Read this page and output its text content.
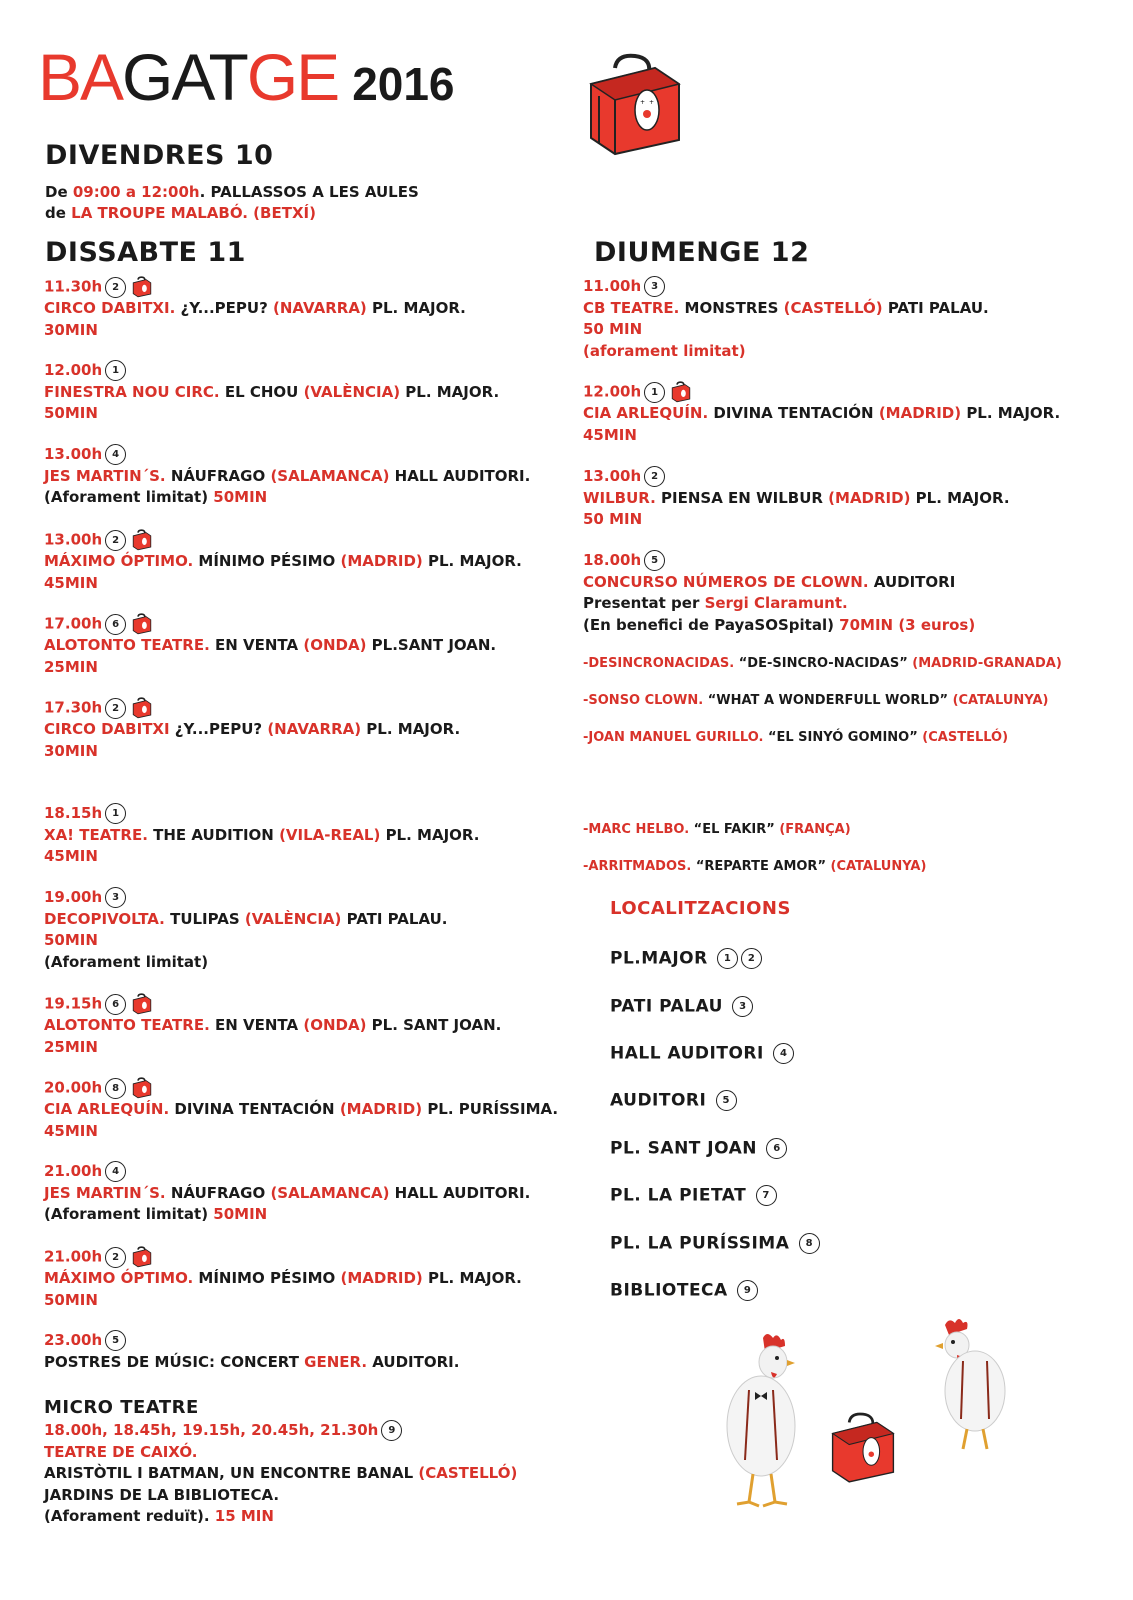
BAGATGE 2016	+ +
DIVENDRES 10
De 09:00 a 12:00h. PALLASSOS A LES AULES
de LA TROUPE MALABÓ. (BETXÍ)
DISSABTE 11
11.30h 2
CIRCO DABITXI. ¿Y...PEPU? (NAVARRA) PL. MAJOR.
30MIN
12.00h 1
FINESTRA NOU CIRC. EL CHOU (VALÈNCIA) PL. MAJOR.
50MIN
13.00h 4
JES MARTIN´S. NÁUFRAGO (SALAMANCA) HALL AUDITORI.
(Aforament limitat) 50MIN
13.00h 2
MÁXIMO ÓPTIMO. MÍNIMO PÉSIMO (MADRID) PL. MAJOR.
45MIN
17.00h 6
ALOTONTO TEATRE. EN VENTA (ONDA) PL.SANT JOAN.
25MIN
17.30h 2
CIRCO DABITXI ¿Y...PEPU? (NAVARRA) PL. MAJOR.
30MIN
18.15h 1
XA! TEATRE. THE AUDITION (VILA-REAL) PL. MAJOR.
45MIN
19.00h 3
DECOPIVOLTA. TULIPAS (VALÈNCIA) PATI PALAU.
50MIN
(Aforament limitat)
19.15h 6
ALOTONTO TEATRE. EN VENTA (ONDA) PL. SANT JOAN.
25MIN
20.00h 8
CIA ARLEQUÍN. DIVINA TENTACIÓN (MADRID) PL. PURÍSSIMA.
45MIN
21.00h 4
JES MARTIN´S. NÁUFRAGO (SALAMANCA) HALL AUDITORI.
(Aforament limitat) 50MIN
21.00h 2
MÁXIMO ÓPTIMO. MÍNIMO PÉSIMO (MADRID) PL. MAJOR.
50MIN
23.00h 5
POSTRES DE MÚSIC: CONCERT GENER. AUDITORI.
MICRO TEATRE
18.00h, 18.45h, 19.15h, 20.45h, 21.30h 9
TEATRE DE CAIXÓ.
ARISTÒTIL I BATMAN, UN ENCONTRE BANAL (CASTELLÓ)
JARDINS DE LA BIBLIOTECA.
(Aforament reduït). 15 MIN
DIUMENGE 12
11.00h 3
CB TEATRE. MONSTRES (CASTELLÓ) PATI PALAU.
50 MIN
(aforament limitat)
12.00h 1
CIA ARLEQUÍN. DIVINA TENTACIÓN (MADRID) PL. MAJOR.
45MIN
13.00h 2
WILBUR. PIENSA EN WILBUR (MADRID) PL. MAJOR.
50 MIN
18.00h 5
CONCURSO NÚMEROS DE CLOWN. AUDITORI
Presentat per Sergi Claramunt.
(En benefici de PayaSOSpital) 70MIN (3 euros)
-DESINCRONACIDAS. “DE-SINCRO-NACIDAS” (MADRID-GRANADA)
-SONSO CLOWN. “WHAT A WONDERFULL WORLD” (CATALUNYA)
-JOAN MANUEL GURILLO. “EL SINYÓ GOMINO” (CASTELLÓ)
-MARC HELBO. “EL FAKIR” (FRANÇA)
-ARRITMADOS. “REPARTE AMOR” (CATALUNYA)
LOCALITZACIONS
PL.MAJOR 1 2
PATI PALAU 3
HALL AUDITORI 4
AUDITORI 5
PL. SANT JOAN 6
PL. LA PIETAT 7
PL. LA PURÍSSIMA 8
BIBLIOTECA 9
